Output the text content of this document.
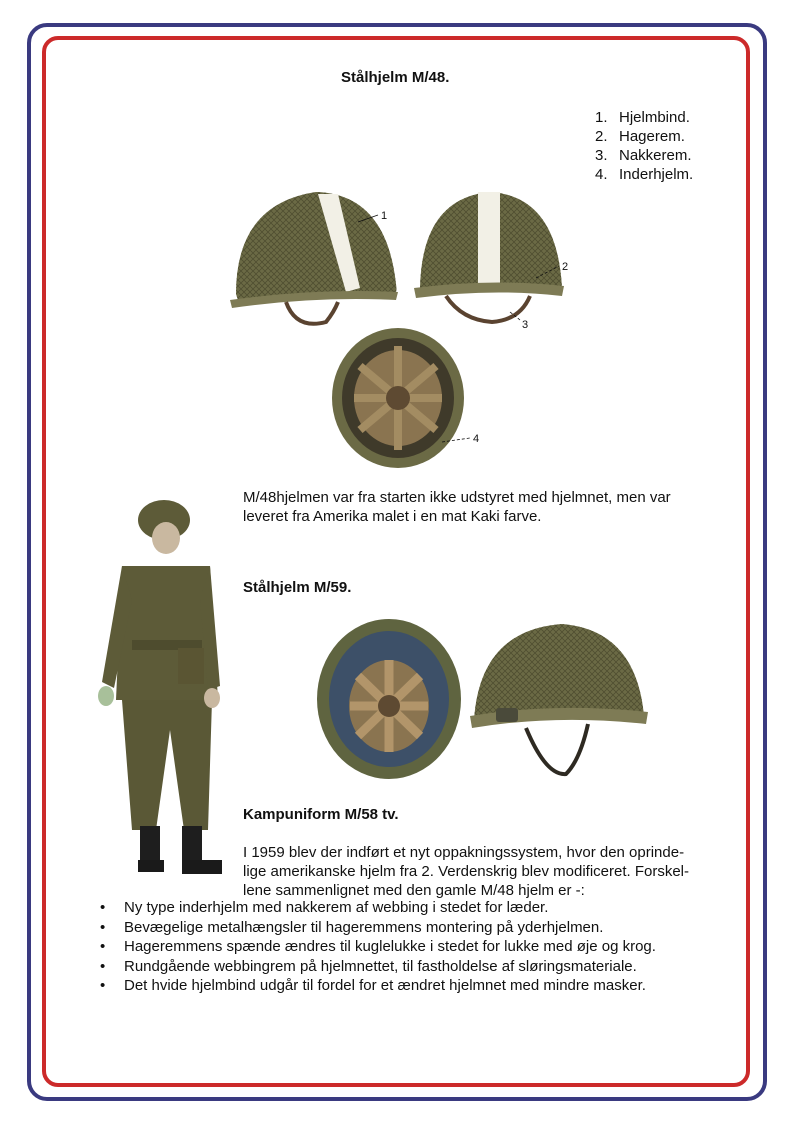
Stålhjelm M/48.
1. Hjelmbind.
2. Hagerem.
3. Nakkerem.
4. Inderhjelm.
1
2
3
4
M/48hjelmen var fra starten ikke udstyret med hjelmnet, men var
leveret fra Amerika malet i en mat Kaki farve.
Stålhjelm M/59.
Kampuniform M/58 tv.
I 1959 blev der indført et nyt oppakningssystem, hvor den oprinde-
lige amerikanske hjelm fra 2. Verdenskrig blev modificeret. Forskel-
lene sammenlignet med den gamle M/48 hjelm er -:
•	Ny type inderhjelm med nakkerem af webbing i stedet for læder.
•	Bevægelige metalhængsler til hageremmens montering på yderhjelmen.
•	Hageremmens spænde ændres til kuglelukke i stedet for lukke med øje og krog.
•	Rundgående webbingrem på hjelmnettet, til fastholdelse af sløringsmateriale.
•	Det hvide hjelmbind udgår til fordel for et ændret hjelmnet med mindre masker.
